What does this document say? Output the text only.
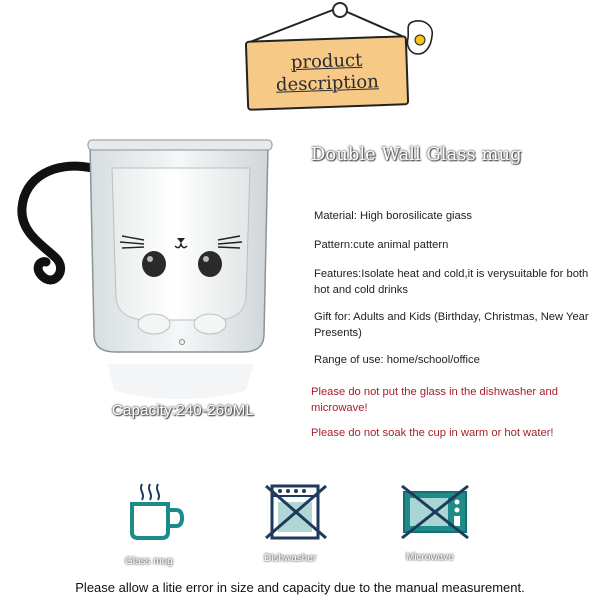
product
description
Capacity:240-260ML
Double Wall Glass mug
Material: High borosilicate giass
Pattern:cute animal pattern
Features:Isolate heat and cold,it is verysuitable for both hot and cold drinks
Gift for: Adults and Kids (Birthday, Christmas, New Year Presents)
Range of use: home/school/office
Please do not put the glass in the dishwasher and microwave!
Please do not soak the cup in warm or hot water!
Glass mug	Dishwasher	Microwave
Please allow a litie error in size and capacity due to the manual measurement.
